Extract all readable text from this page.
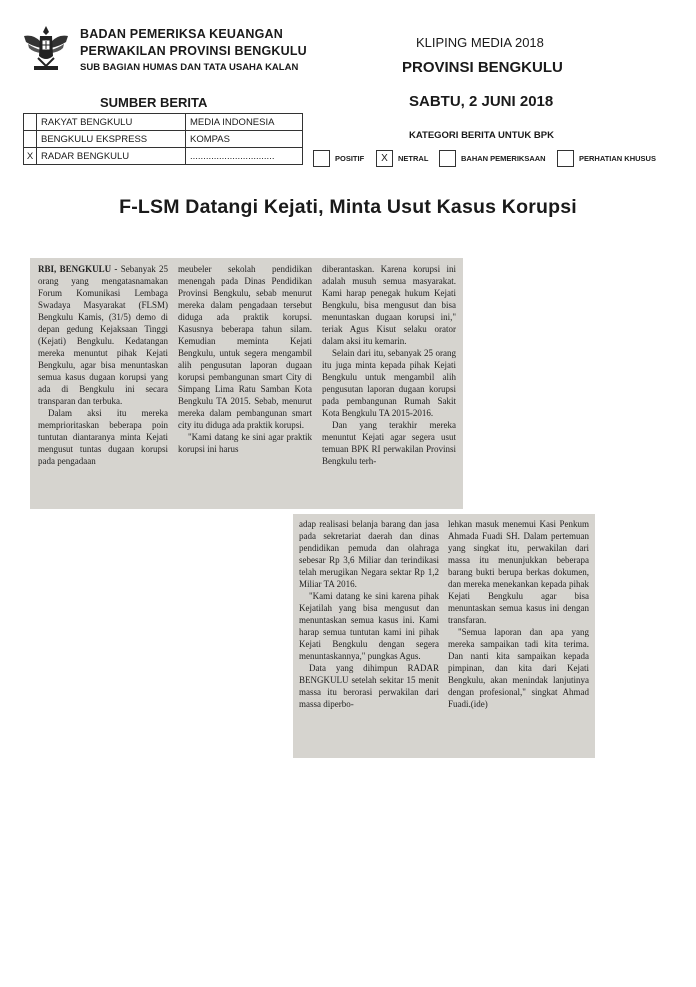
BADAN PEMERIKSA KEUANGAN
PERWAKILAN PROVINSI BENGKULU
SUB BAGIAN HUMAS DAN TATA USAHA KALAN
KLIPING MEDIA 2018
PROVINSI BENGKULU
SABTU, 2 JUNI 2018
SUMBER BERITA
	RAKYAT BENGKULU	MEDIA INDONESIA
	BENGKULU EKSPRESS	KOMPAS
X	RADAR BENGKULU	................................
KATEGORI BERITA UNTUK BPK
POSITIF	X	NETRAL	BAHAN PEMERIKSAAN	PERHATIAN KHUSUS
F-LSM Datangi Kejati, Minta Usut Kasus Korupsi

RBI, BENGKULU - Sebanyak 25 orang yang mengatasnamakan Forum Komunikasi Lembaga Swadaya Masyarakat (FLSM) Bengkulu Kamis, (31/5) demo di depan gedung Kejaksaan Tinggi (Kejati) Bengkulu. Kedatangan mereka menuntut pihak Kejati Bengkulu, agar bisa menuntaskan semua kasus dugaan korupsi yang ada di Bengkulu ini secara transparan dan terbuka.

Dalam aksi itu mereka memprioritaskan beberapa poin tuntutan diantaranya minta Kejati mengusut tuntas dugaan korupsi pada pengadaan

meubeler sekolah pendidikan menengah pada Dinas Pendidikan Provinsi Bengkulu, sebab menurut mereka dalam pengadaan tersebut diduga ada praktik korupsi. Kasusnya beberapa tahun silam. Kemudian meminta Kejati Bengkulu, untuk segera mengambil alih pengusutan laporan dugaan korupsi pembangunan smart City di Simpang Lima Ratu Samban Kota Bengkulu TA 2015. Sebab, menurut mereka dalam pembangunan smart city itu diduga ada praktik korupsi.

"Kami datang ke sini agar praktik korupsi ini harus

diberantaskan. Karena korupsi ini adalah musuh semua masyarakat. Kami harap penegak hukum Kejati Bengkulu, bisa mengusut dan bisa menuntaskan dugaan korupsi ini," teriak Agus Kisut selaku orator dalam aksi itu kemarin.

Selain dari itu, sebanyak 25 orang itu juga minta kepada pihak Kejati Bengkulu untuk mengambil alih pengusutan laporan dugaan korupsi pada pembangunan Rumah Sakit Kota Bengkulu TA 2015-2016.

Dan yang terakhir mereka menuntut Kejati agar segera usut temuan BPK RI perwakilan Provinsi Bengkulu terh-

adap realisasi belanja barang dan jasa pada sekretariat daerah dan dinas pendidikan pemuda dan olahraga sebesar Rp 3,6 Miliar dan terindikasi telah merugikan Negara sektar Rp 1,2 Miliar TA 2016.

"Kami datang ke sini karena pihak Kejatilah yang bisa mengusut dan menuntaskan semua kasus ini. Kami harap semua tuntutan kami ini pihak Kejati Bengkulu dengan segera menuntaskannya," pungkas Agus.

Data yang dihimpun RADAR BENGKULU setelah sekitar 15 menit massa itu berorasi perwakilan dari massa diperbo-

lehkan masuk menemui Kasi Penkum Ahmada Fuadi SH. Dalam pertemuan yang singkat itu, perwakilan dari massa itu menunjukkan beberapa barang bukti berupa berkas dokumen, dan mereka menekankan kepada pihak Kejati Bengkulu agar bisa menuntaskan semua kasus ini dengan transfaran.

"Semua laporan dan apa yang mereka sampaikan tadi kita terima. Dan nanti kita sampaikan kepada pimpinan, dan kita dari Kejati Bengkulu, akan menindak lanjutinya dengan profesional," singkat Ahmad Fuadi.(ide)
